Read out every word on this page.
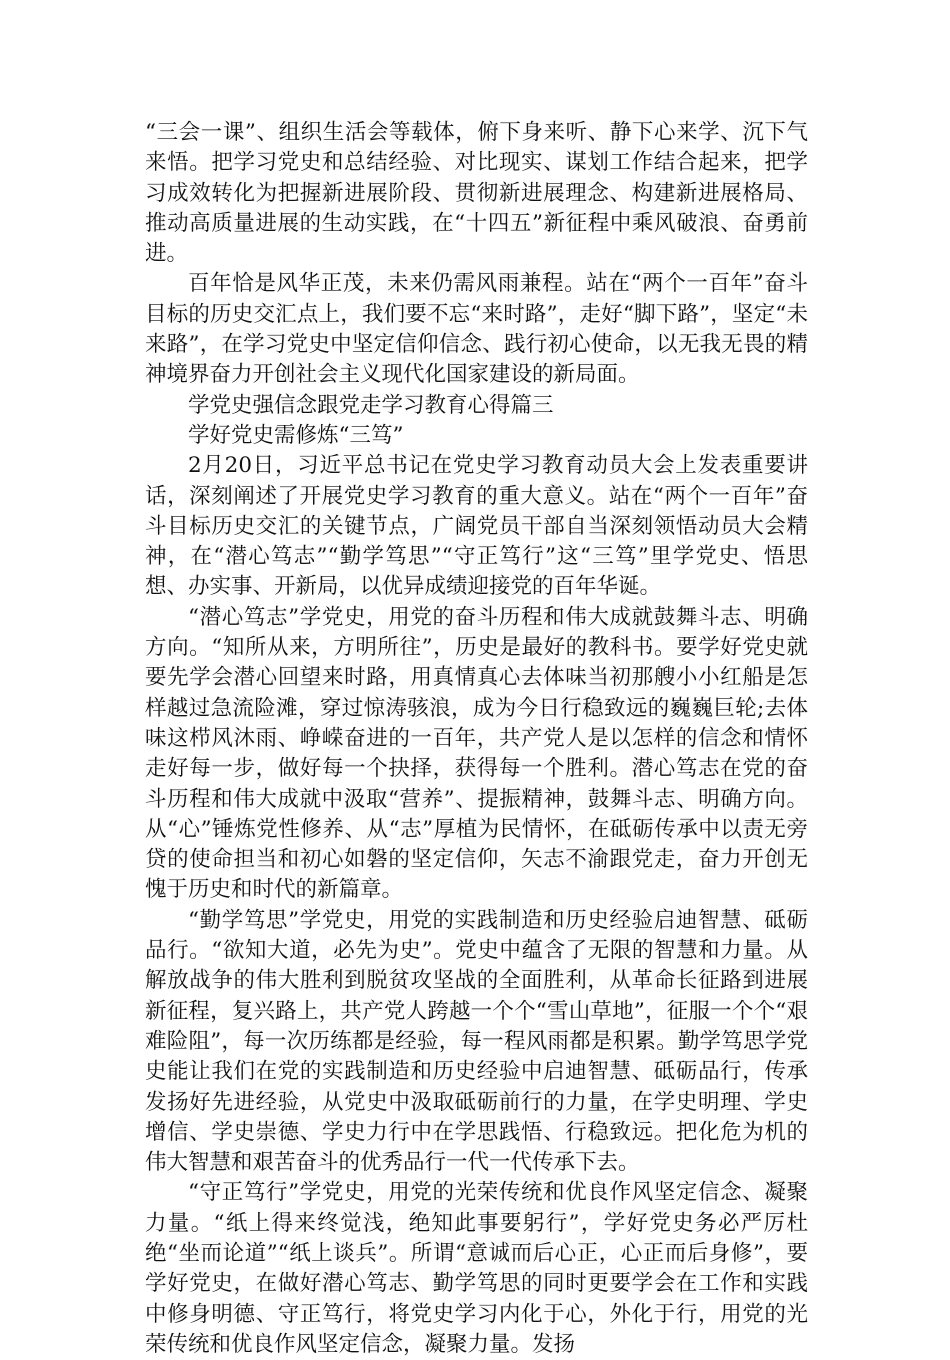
“三会一课”、组织生活会等载体，俯下身来听、静下心来学、沉下气来悟。把学习党史和总结经验、对比现实、谋划工作结合起来，把学习成效转化为把握新进展阶段、贯彻新进展理念、构建新进展格局、推动高质量进展的生动实践，在“十四五”新征程中乘风破浪、奋勇前进。

百年恰是风华正茂，未来仍需风雨兼程。站在“两个一百年”奋斗目标的历史交汇点上，我们要不忘“来时路”，走好“脚下路”，坚定“未来路”，在学习党史中坚定信仰信念、践行初心使命，以无我无畏的精神境界奋力开创社会主义现代化国家建设的新局面。

学党史强信念跟党走学习教育心得篇三

学好党史需修炼“三笃”

2月20日，习近平总书记在党史学习教育动员大会上发表重要讲话，深刻阐述了开展党史学习教育的重大意义。站在“两个一百年”奋斗目标历史交汇的关键节点，广阔党员干部自当深刻领悟动员大会精神，在“潜心笃志”“勤学笃思”“守正笃行”这“三笃”里学党史、悟思想、办实事、开新局，以优异成绩迎接党的百年华诞。

“潜心笃志”学党史，用党的奋斗历程和伟大成就鼓舞斗志、明确方向。“知所从来，方明所往”，历史是最好的教科书。要学好党史就要先学会潜心回望来时路，用真情真心去体味当初那艘小小红船是怎样越过急流险滩，穿过惊涛骇浪，成为今日行稳致远的巍巍巨轮;去体味这栉风沐雨、峥嵘奋进的一百年，共产党人是以怎样的信念和情怀走好每一步，做好每一个抉择，获得每一个胜利。潜心笃志在党的奋斗历程和伟大成就中汲取“营养”、提振精神，鼓舞斗志、明确方向。从“心”锤炼党性修养、从“志”厚植为民情怀，在砥砺传承中以责无旁贷的使命担当和初心如磐的坚定信仰，矢志不渝跟党走，奋力开创无愧于历史和时代的新篇章。

“勤学笃思”学党史，用党的实践制造和历史经验启迪智慧、砥砺品行。“欲知大道，必先为史”。党史中蕴含了无限的智慧和力量。从解放战争的伟大胜利到脱贫攻坚战的全面胜利，从革命长征路到进展新征程，复兴路上，共产党人跨越一个个“雪山草地”，征服一个个“艰难险阻”，每一次历练都是经验，每一程风雨都是积累。勤学笃思学党史能让我们在党的实践制造和历史经验中启迪智慧、砥砺品行，传承发扬好先进经验，从党史中汲取砥砺前行的力量，在学史明理、学史增信、学史崇德、学史力行中在学思践悟、行稳致远。把化危为机的伟大智慧和艰苦奋斗的优秀品行一代一代传承下去。

“守正笃行”学党史，用党的光荣传统和优良作风坚定信念、凝聚力量。“纸上得来终觉浅，绝知此事要躬行”，学好党史务必严厉杜绝“坐而论道”“纸上谈兵”。所谓“意诚而后心正，心正而后身修”，要学好党史，在做好潜心笃志、勤学笃思的同时更要学会在工作和实践中修身明德、守正笃行，将党史学习内化于心，外化于行，用党的光荣传统和优良作风坚定信念，凝聚力量。发扬
